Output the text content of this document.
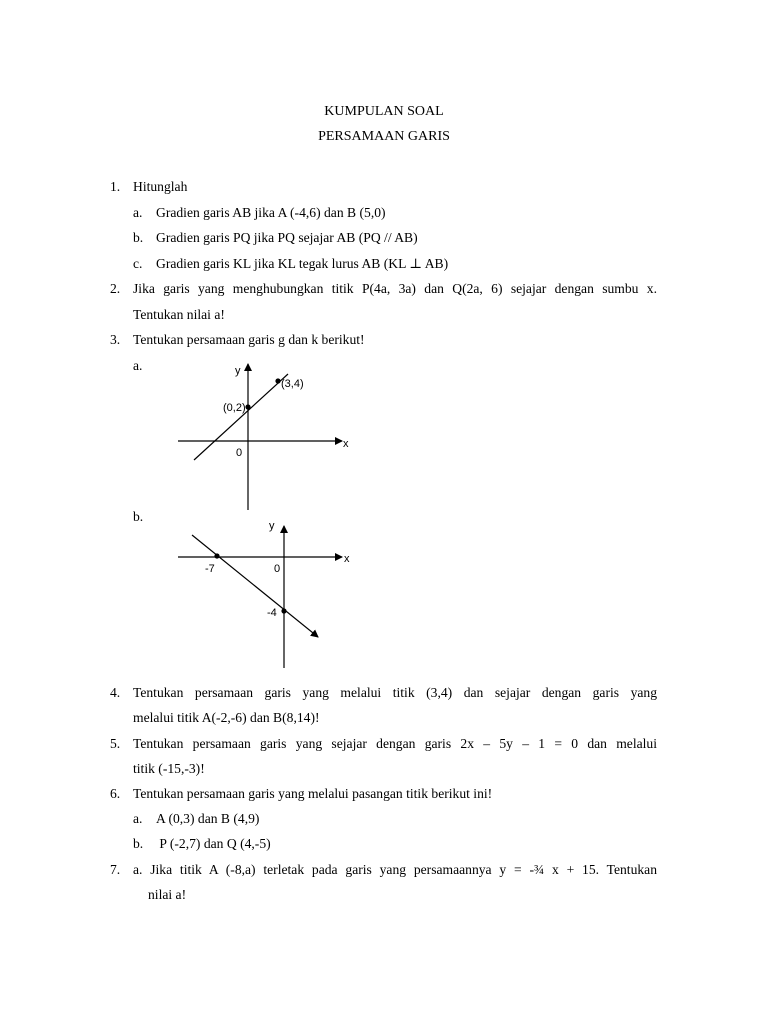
KUMPULAN SOAL
PERSAMAAN GARIS
1. Hitunglah
a. Gradien garis AB jika A (-4,6) dan B (5,0)
b. Gradien garis PQ jika PQ sejajar AB (PQ // AB)
c. Gradien garis KL jika KL tegak lurus AB (KL ⊥ AB)
2. Jika garis yang menghubungkan titik P(4a, 3a) dan Q(2a, 6) sejajar dengan sumbu x.
Tentukan nilai a!
3. Tentukan persamaan garis g dan k berikut!
a.	y
x
0
(3,4)
(0,2)
b.
y
x
0
-7
-4
4. Tentukan persamaan garis yang melalui titik (3,4) dan sejajar dengan garis yang
melalui titik A(-2,-6) dan B(8,14)!
5. Tentukan persamaan garis yang sejajar dengan garis 2x – 5y – 1 = 0 dan melalui
titik (-15,-3)!
6. Tentukan persamaan garis yang melalui pasangan titik berikut ini!
a. A (0,3) dan B (4,9)
b. P (-2,7) dan Q (4,-5)
7. a. Jika titik A (-8,a) terletak pada garis yang persamaannya y = -¾ x + 15. Tentukan
nilai a!
